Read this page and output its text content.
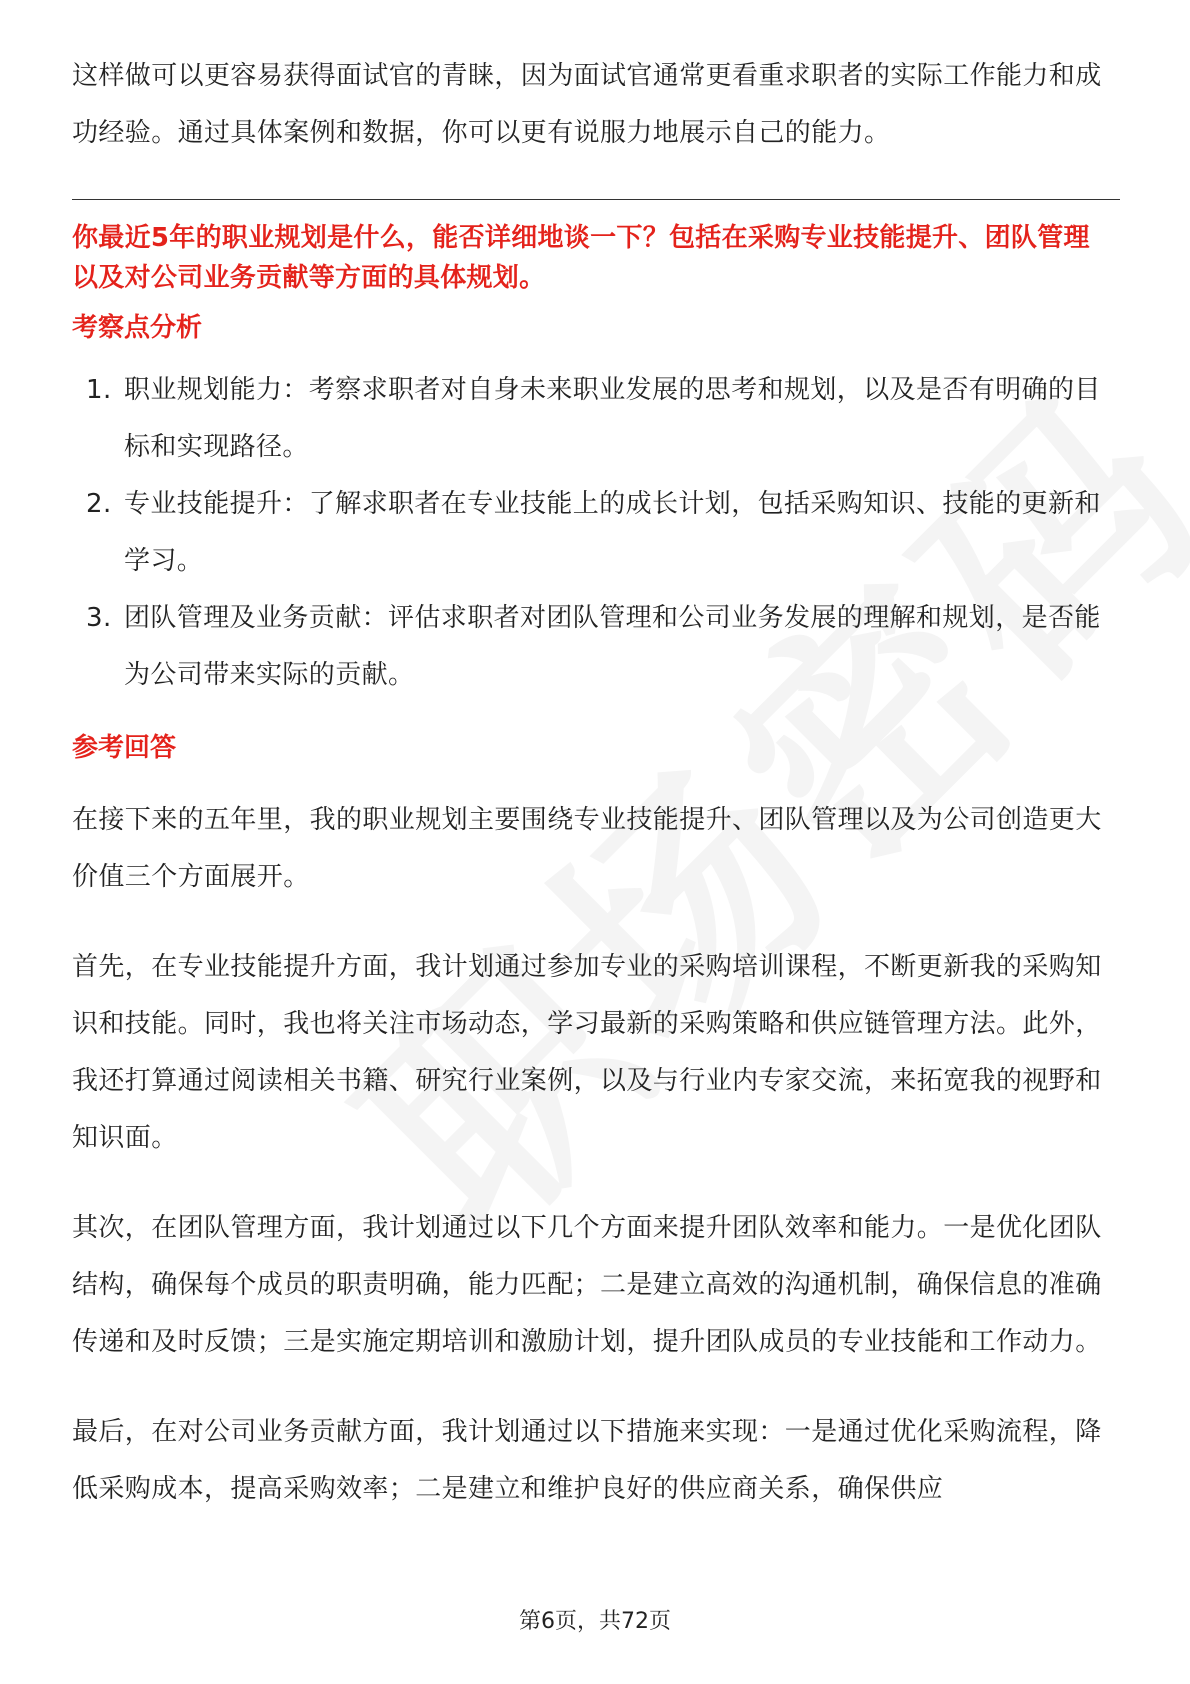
这样做可以更容易获得面试官的青睐，因为面试官通常更看重求职者的实际工作能力和成功经验。通过具体案例和数据，你可以更有说服力地展示自己的能力。

你最近5年的职业规划是什么，能否详细地谈一下？包括在采购专业技能提升、团队管理以及对公司业务贡献等方面的具体规划。

考察点分析
1. 职业规划能力：考察求职者对自身未来职业发展的思考和规划，以及是否有明确的目标和实现路径。
2. 专业技能提升：了解求职者在专业技能上的成长计划，包括采购知识、技能的更新和学习。
3. 团队管理及业务贡献：评估求职者对团队管理和公司业务发展的理解和规划，是否能为公司带来实际的贡献。
参考回答

在接下来的五年里，我的职业规划主要围绕专业技能提升、团队管理以及为公司创造更大价值三个方面展开。

首先，在专业技能提升方面，我计划通过参加专业的采购培训课程，不断更新我的采购知识和技能。同时，我也将关注市场动态，学习最新的采购策略和供应链管理方法。此外，我还打算通过阅读相关书籍、研究行业案例，以及与行业内专家交流，来拓宽我的视野和知识面。

其次，在团队管理方面，我计划通过以下几个方面来提升团队效率和能力。一是优化团队结构，确保每个成员的职责明确，能力匹配；二是建立高效的沟通机制，确保信息的准确传递和及时反馈；三是实施定期培训和激励计划，提升团队成员的专业技能和工作动力。

最后，在对公司业务贡献方面，我计划通过以下措施来实现：一是通过优化采购流程，降低采购成本，提高采购效率；二是建立和维护良好的供应商关系，确保供应

第6页，共72页
